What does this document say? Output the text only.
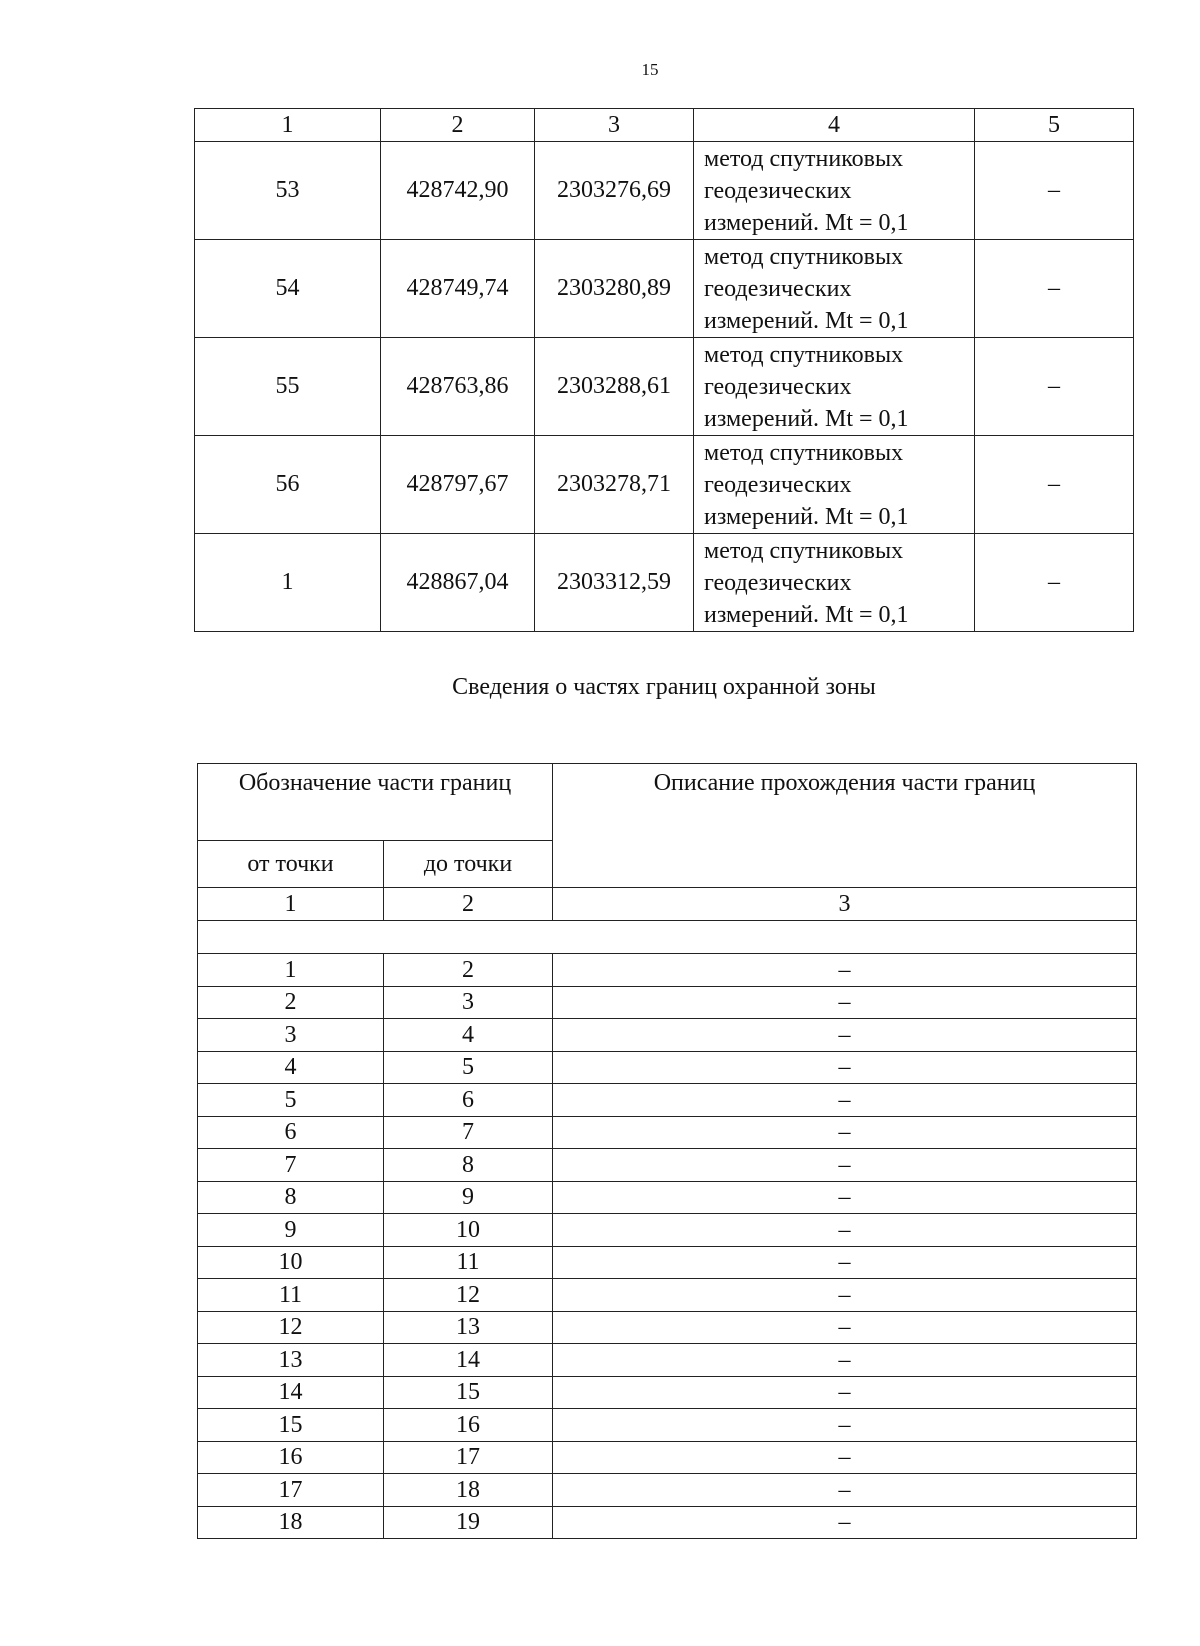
15
1	2	3	4	5
53	428742,90	2303276,69	метод спутниковых
геодезических
измерений. Mt = 0,1	–
54	428749,74	2303280,89	метод спутниковых
геодезических
измерений. Mt = 0,1	–
55	428763,86	2303288,61	метод спутниковых
геодезических
измерений. Mt = 0,1	–
56	428797,67	2303278,71	метод спутниковых
геодезических
измерений. Mt = 0,1	–
1	428867,04	2303312,59	метод спутниковых
геодезических
измерений. Mt = 0,1	–
Сведения о частях границ охранной зоны
Обозначение части границ		Описание прохождения части границ
от точки	до точки	
1	2	3

1	2	–
2	3	–
3	4	–
4	5	–
5	6	–
6	7	–
7	8	–
8	9	–
9	10	–
10	11	–
11	12	–
12	13	–
13	14	–
14	15	–
15	16	–
16	17	–
17	18	–
18	19	–
